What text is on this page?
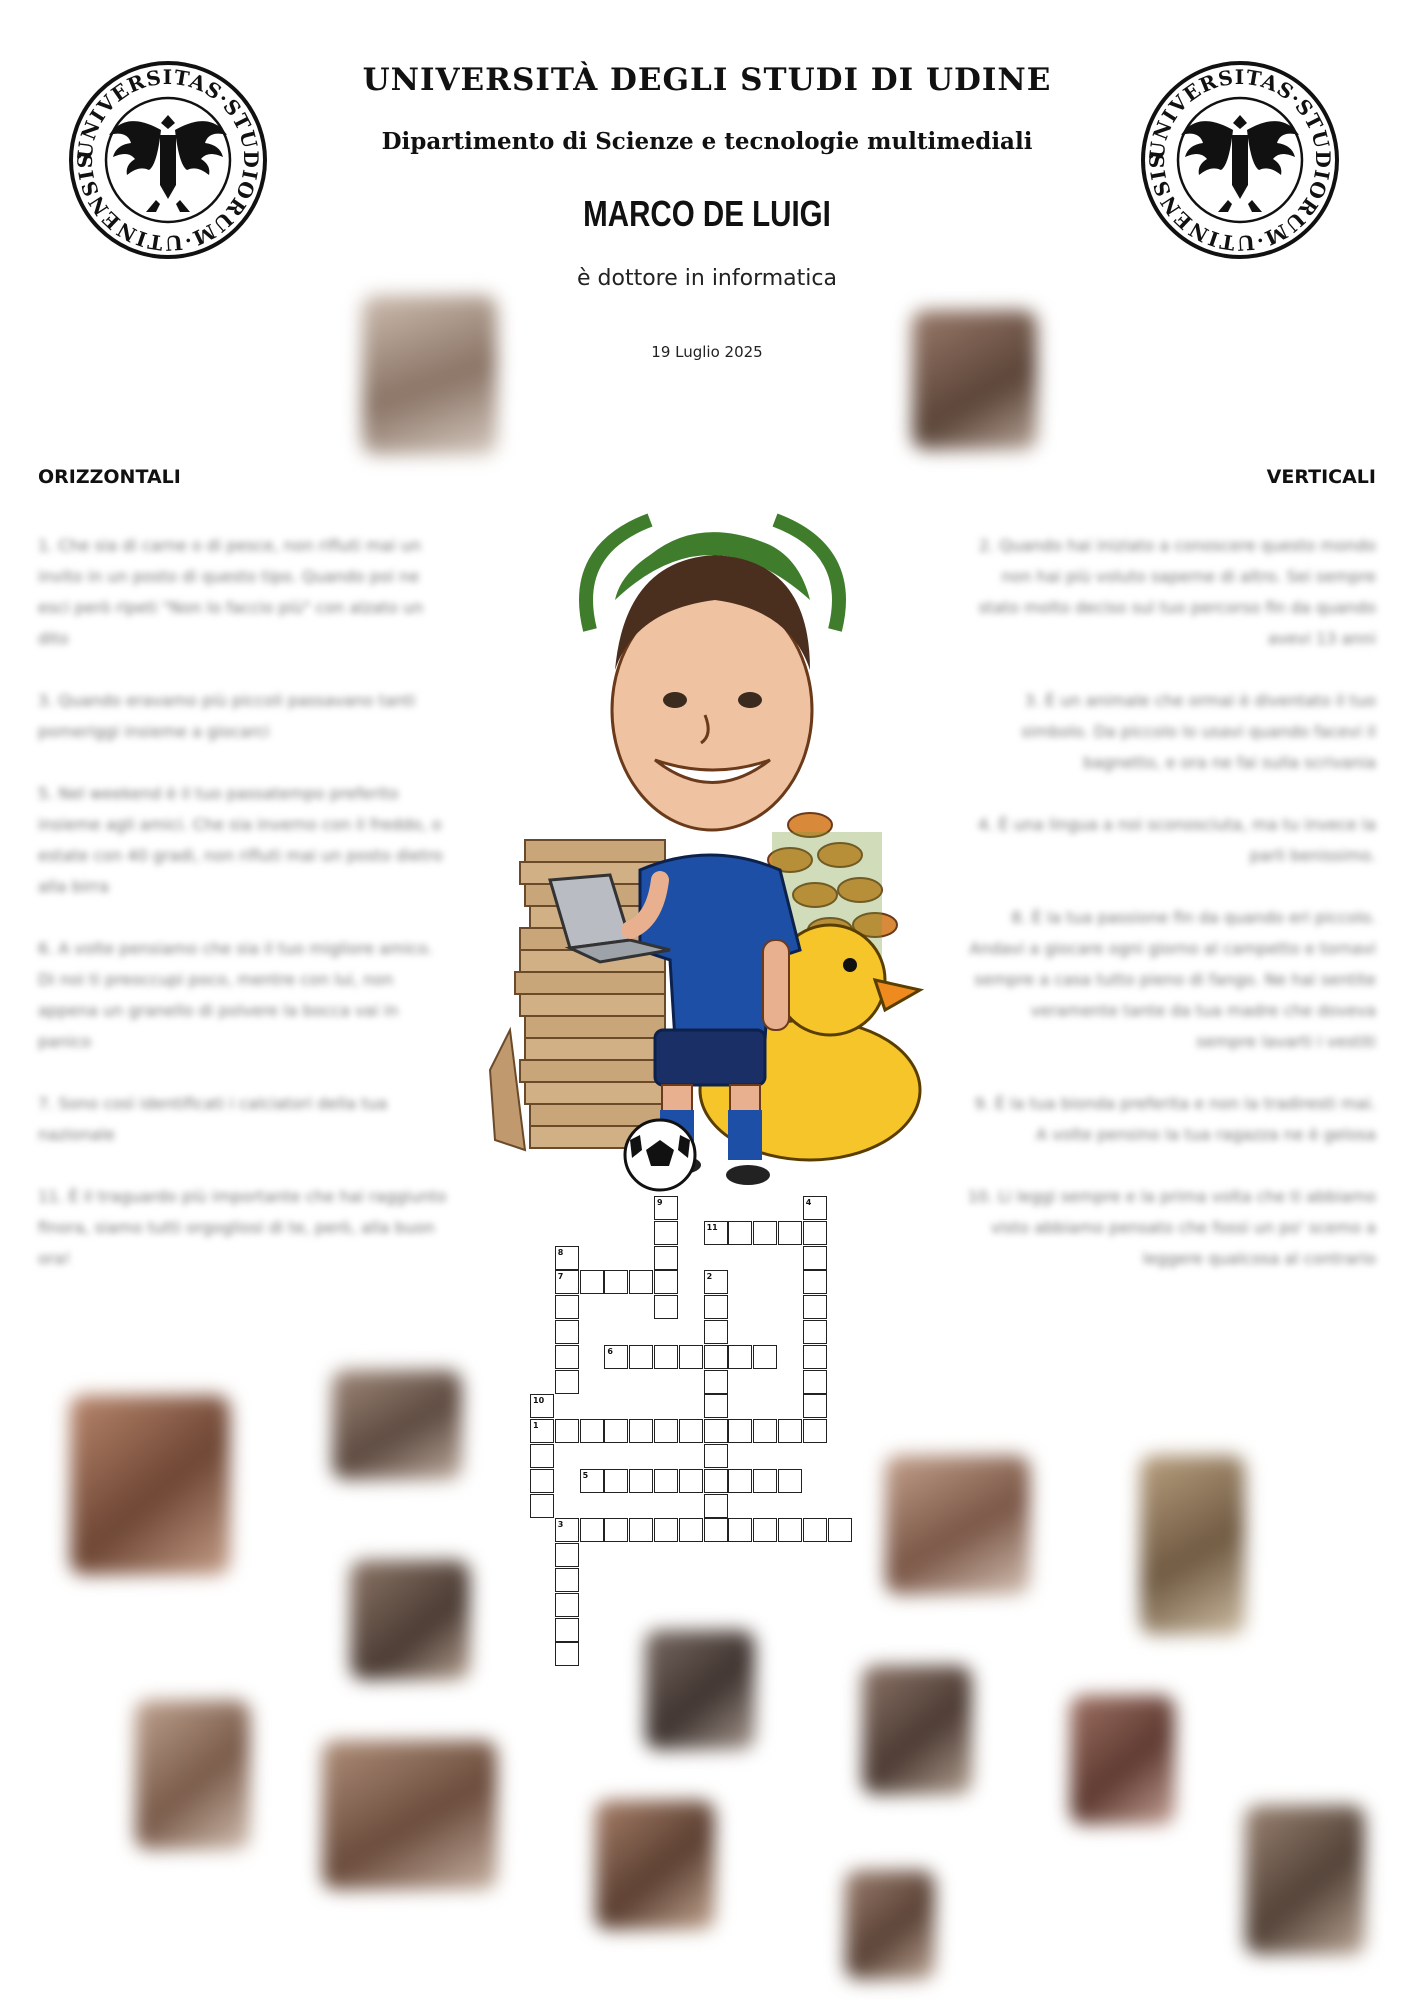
UNIVERSITAS·STUDIORUM·UTINENSIS	UNIVERSITAS·STUDIORUM·UTINENSIS
UNIVERSITÀ DEGLI STUDI DI UDINE
Dipartimento di Scienze e tecnologie multimediali
MARCO DE LUIGI
è dottore in informatica
19 Luglio 2025
ORIZZONTALI	VERTICALI

1. Che sia di carne o di pesce, non rifiuti mai un invito in un posto di questo tipo. Quando poi ne esci però ripeti "Non lo faccio più" con alzato un dito

3. Quando eravamo più piccoli passavano tanti pomeriggi insieme a giocarci

5. Nel weekend è il tuo passatempo preferito insieme agli amici. Che sia inverno con il freddo, o estate con 40 gradi, non rifiuti mai un posto dietro alla birra

6. A volte pensiamo che sia il tuo migliore amico. Di noi ti preoccupi poco, mentre con lui, non appena un granello di polvere la bocca vai in panico

7. Sono così identificati i calciatori della tua nazionale

11. È il traguardo più importante che hai raggiunto finora, siamo tutti orgogliosi di te, però, alla buon ora!

2. Quando hai iniziato a conoscere questo mondo non hai più voluto saperne di altro. Sei sempre stato molto deciso sul tuo percorso fin da quando avevi 13 anni

3. È un animale che ormai è diventato il tuo simbolo. Da piccolo lo usavi quando facevi il bagnetto, e ora ne fai sulla scrivania

4. È una lingua a noi sconosciuta, ma tu invece la parli benissimo.

8. È la tua passione fin da quando eri piccolo. Andavi a giocare ogni giorno al campetto e tornavi sempre a casa tutto pieno di fango. Ne hai sentite veramente tante da tua madre che doveva sempre lavarti i vestiti

9. È la tua bionda preferita e non la tradiresti mai. A volte pensino la tua ragazza ne è gelosa

10. Li leggi sempre e la prima volta che ti abbiamo visto abbiamo pensato che fossi un po' scemo a leggere qualcosa al contrario

1
2
3
4
5
6
7
8
9
10
11
